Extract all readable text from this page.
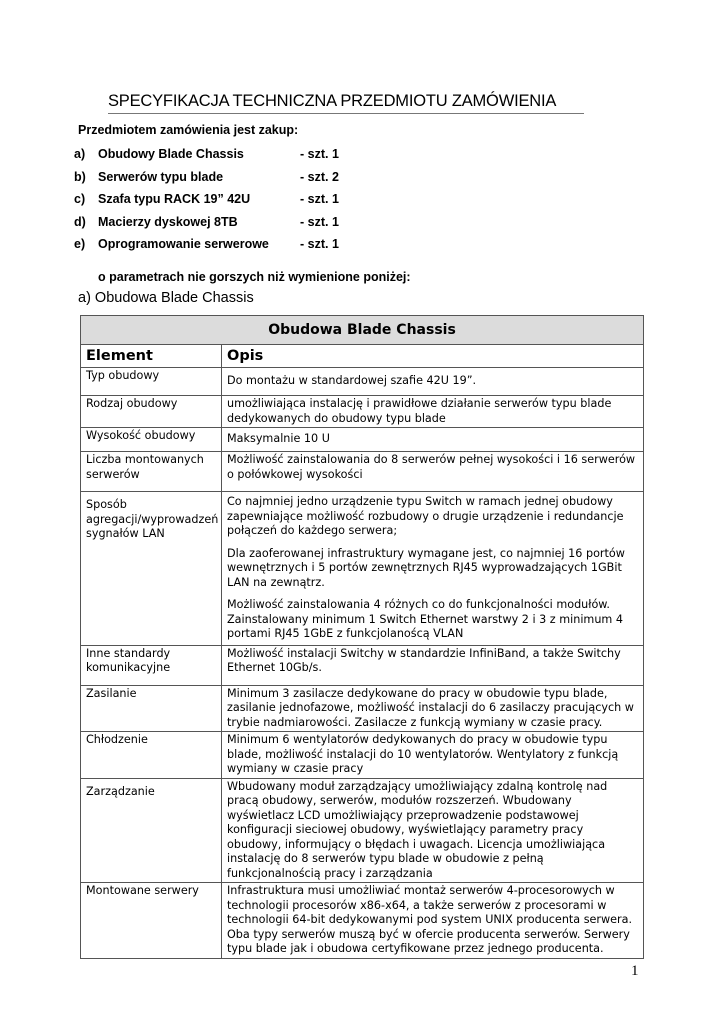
SPECYFIKACJA TECHNICZNA PRZEDMIOTU ZAMÓWIENIA
Przedmiotem zamówienia jest zakup:
a) Obudowy Blade Chassis	- szt. 1
b) Serwerów typu blade	- szt. 2
c) Szafa typu RACK 19” 42U	- szt. 1
d) Macierzy dyskowej 8TB	- szt. 1
e) Oprogramowanie serwerowe - szt. 1
o parametrach nie gorszych niż wymienione poniżej:
a) Obudowa Blade Chassis
Obudowa Blade Chassis	
Element	Opis
Typ obudowy	Do montażu w standardowej szafie 42U 19”.

Rodzaj obudowy	umożliwiająca instalację i prawidłowe działanie serwerów typu blade dedykowanych do obudowy typu blade

Wysokość obudowy	Maksymalnie 10 U

Liczba montowanych serwerów	Możliwość zainstalowania do 8 serwerów pełnej wysokości i 16 serwerów o połówkowej wysokości

Sposób agregacji/wyprowadzeń sygnałów LAN	Co najmniej jedno urządzenie typu Switch w ramach jednej obudowy zapewniające możliwość rozbudowy o drugie urządzenie i redundancje połączeń do każdego serwera;

Dla zaoferowanej infrastruktury wymagane jest, co najmniej 16 portów wewnętrznych i 5 portów zewnętrznych RJ45 wyprowadzających 1GBit LAN na zewnątrz.

Możliwość zainstalowania 4 różnych co do funkcjonalności modułów. Zainstalowany minimum 1 Switch Ethernet warstwy 2 i 3 z minimum 4 portami RJ45 1GbE z funkcjolanoścą VLAN

Inne standardy komunikacyjne	Możliwość instalacji Switchy w standardzie InfiniBand, a także Switchy Ethernet 10Gb/s.

Zasilanie	Minimum 3 zasilacze dedykowane do pracy w obudowie typu blade, zasilanie jednofazowe, możliwość instalacji do 6 zasilaczy pracujących w trybie nadmiarowości. Zasilacze z funkcją wymiany w czasie pracy.

Chłodzenie	Minimum 6 wentylatorów dedykowanych do pracy w obudowie typu blade, możliwość instalacji do 10 wentylatorów. Wentylatory z funkcją wymiany w czasie pracy

Zarządzanie	Wbudowany moduł zarządzający umożliwiający zdalną kontrolę nad pracą obudowy, serwerów, modułów rozszerzeń. Wbudowany wyświetlacz LCD umożliwiający przeprowadzenie podstawowej konfiguracji sieciowej obudowy, wyświetlający parametry pracy obudowy, informujący o błędach i uwagach. Licencja umożliwiająca instalację do 8 serwerów typu blade w obudowie z pełną funkcjonalnością pracy i zarządzania

Montowane serwery	Infrastruktura musi umożliwiać montaż serwerów 4-procesorowych w technologii procesorów x86-x64, a także serwerów z procesorami w technologii 64-bit dedykowanymi pod system UNIX producenta serwera. Oba typy serwerów muszą być w ofercie producenta serwerów. Serwery typu blade jak i obudowa certyfikowane przez jednego producenta.

1
